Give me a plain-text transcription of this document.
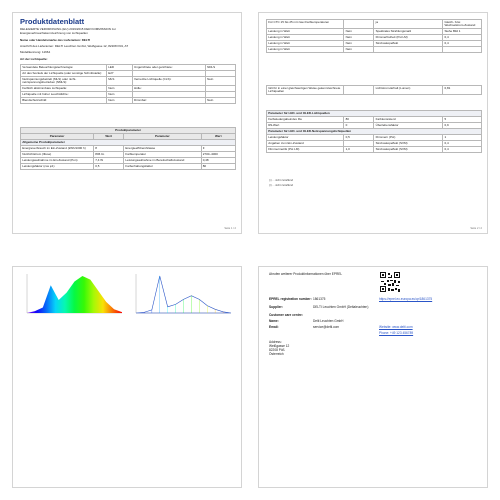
Produktdatenblatt
DELEGIERTE VERORDNUNG (EU) 2019/2015 DER KOMMISSION zur
Energieverbrauchskennzeichnung von Lichtquellen
Name oder Handelsmarke des Lieferanten: DELTI
Anschrift des Lieferanten: DELTI Leuchten GmbH, Weißgasse 12, 82208 Pöß, AT
Modellkennung: 11664
Art der Lichtquelle:
Verwendete Beleuchtungstechnologie:	LED	Ungerichtete oder gerichtete:	NDLS
Art des Sockels der Lichtquelle (oder sonstige Schnittstelle):	E27		
Netzspannungsbetrieb (MLS) oder nicht-netzspannungsbetrieben (NMLS):	MLS	Vernetzte Lichtquelle (CLS):	Nein
Farblich abstimmbare Lichtquelle:	Nein	Hülle:	
Lichtquelle mit hoher Leuchtdichte:	Nein		
Blendschutzschild:	Nein	Dimmbar:	Nein
Produktparameter			
Parameter	Wert	Parameter	Wert
Allgemeine Produktparameter			
Energieverbrauch im Ein-Zustand (kWh/1000 h)	8	Energieeffizienzklasse	F
Nutzlichtstrom (Φuse)	806 lm	Farbtemperatur	2700–4000
Leistungsaufnahme im Ein-Zustand (Pon)	7,4 W	Leistungsaufnahme im Bereitschaftszustand	0,48
Leistungsfaktor (cos φ1)	0,5	Farberhaltungsfaktor	80
Seite 1 / 2
Für CTC 15 bis 25 mit zwei Farbtemperaturen		ja	Gleich- bzw. Wechselstrom-Zustand
Leistung in Watt	Nein	Spektrales Strahlungsmaß	Siehe Bild 1
Leistung in Watt	Nein	Flimmerfreiheit (Pst LM)	0,4
Leistung in Watt	Nein	Stroboskopeffekt	0,4
Leistung in Watt	Nein		
Gilt für in einer gleichwertigen Weise gekennzeichnete Lichtquellen		Lichtstrom-Erhalt (Lumen)	0,81
Parameter für LED- und OLED-Lichtquellen			
Farbwiedergabeindex Ra	80	Farbkonsistenz	5
R9-Wert	0	Überlebensfaktor	0,9
Parameter für LED- und OLED-Netzspannungslichtquellen			
Leistungsfaktor	0,5	Flimmern (Pst)	1
Angaben zum Ein-Zustand		Stroboskopeffekt (SVM)	0,4
Flimmermetrik (Pst LM)	1,0	Stroboskopeffekt (SVM)	0,4
(¹) ... nicht zutreffend
(²) ... nicht zutreffend
Seite 2 / 2
Abrufen weiterer Produktinformationen über EPREL
EPREL registration number: 1861375	https://eprel.ec.europa.eu/qr/1861375
Supplier:	DELTI Leuchten GmbH (Deltaleuchten)
Customer care centre:
Name:	Delti Leuchten GmbH
Email:	service@delti.com	Website: www.delti.com
Phone: +49 123 456789
Address:
Weißgasse 12
82208 Pöß
Österreich
